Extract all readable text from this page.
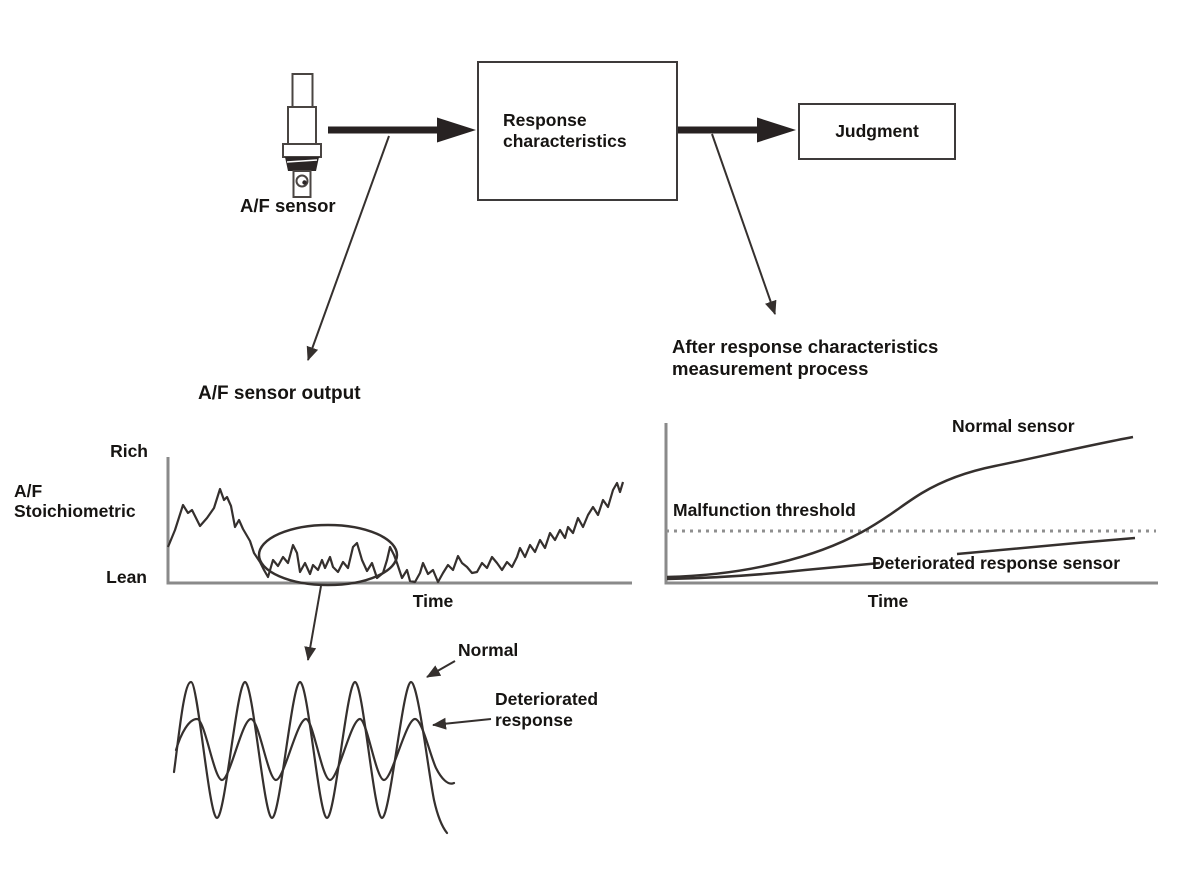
A/F sensor
Response
characteristics	Judgment
A/F sensor output
Rich
A/F
Stoichiometric
Lean
Time
Normal
Deteriorated
response
After response characteristics
measurement process
Normal sensor
Malfunction threshold
Deteriorated response sensor
Time
